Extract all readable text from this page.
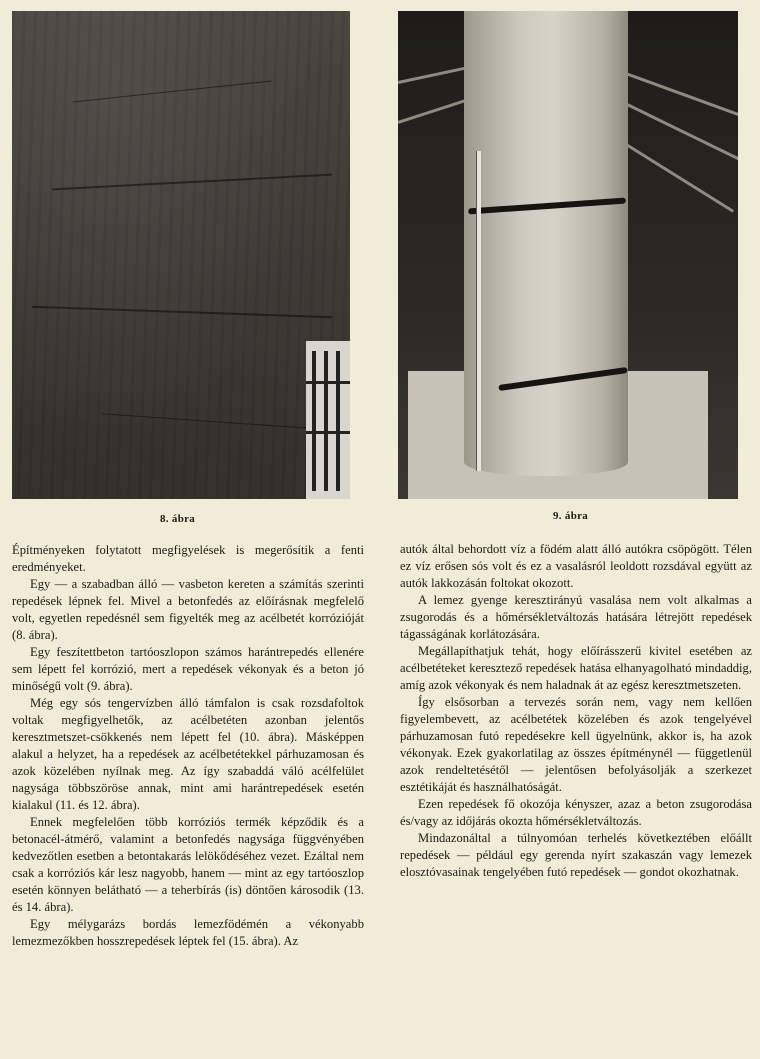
8. ábra	9. ábra

Építményeken folytatott megfigyelések is megerősítik a fenti eredményeket.

Egy — a szabadban álló — vasbeton kereten a számítás szerinti repedések lépnek fel. Mivel a betonfedés az előírásnak megfelelő volt, egyetlen repedésnél sem figyelték meg az acélbetét korrózióját (8. ábra).

Egy feszítettbeton tartóoszlopon számos harántrepedés ellenére sem lépett fel korrózió, mert a repedések vékonyak és a beton jó minőségű volt (9. ábra).

Még egy sós tengervízben álló támfalon is csak rozsdafoltok voltak megfigyelhetők, az acélbetéten azonban jelentős keresztmetszet-csökkenés nem lépett fel (10. ábra). Másképpen alakul a helyzet, ha a repedések az acélbetétekkel párhuzamosan és azok közelében nyílnak meg. Az így szabaddá váló acélfelület nagysága többszöröse annak, mint ami harántrepedések esetén kialakul (11. és 12. ábra).

Ennek megfelelően több korróziós termék képződik és a betonacél-átmérő, valamint a betonfedés nagysága függvényében kedvezőtlen esetben a betontakarás lelökődéséhez vezet. Ezáltal nem csak a korróziós kár lesz nagyobb, hanem — mint az egy tartóoszlop esetén könnyen belátható — a teherbírás (is) döntően károsodik (13. és 14. ábra).

Egy mélygarázs bordás lemezfödémén a vékonyabb lemezmezőkben hosszrepedések léptek fel (15. ábra). Az

autók által behordott víz a födém alatt álló autókra csöpögött. Télen ez víz erősen sós volt és ez a vasalásról leoldott rozsdával együtt az autók lakkozásán foltokat okozott.

A lemez gyenge keresztirányú vasalása nem volt alkalmas a zsugorodás és a hőmérsékletváltozás hatására létrejött repedések tágasságának korlátozására.

Megállapíthatjuk tehát, hogy előírásszerű kivitel esetében az acélbetéteket keresztező repedések hatása elhanyagolható mindaddig, amíg azok vékonyak és nem haladnak át az egész keresztmetszeten.

Így elsősorban a tervezés során nem, vagy nem kellően figyelembevett, az acélbetétek közelében és azok tengelyével párhuzamosan futó repedésekre kell ügyelnünk, akkor is, ha azok vékonyak. Ezek gyakorlatilag az összes építménynél — függetlenül azok rendeltetésétől — jelentősen befolyásolják a szerkezet esztétikáját és használhatóságát.

Ezen repedések fő okozója kényszer, azaz a beton zsugorodása és/vagy az időjárás okozta hőmérsékletváltozás.

Mindazonáltal a túlnyomóan terhelés következtében előállt repedések — például egy gerenda nyírt szakaszán vagy lemezek elosztóvasainak tengelyében futó repedések — gondot okozhatnak.
